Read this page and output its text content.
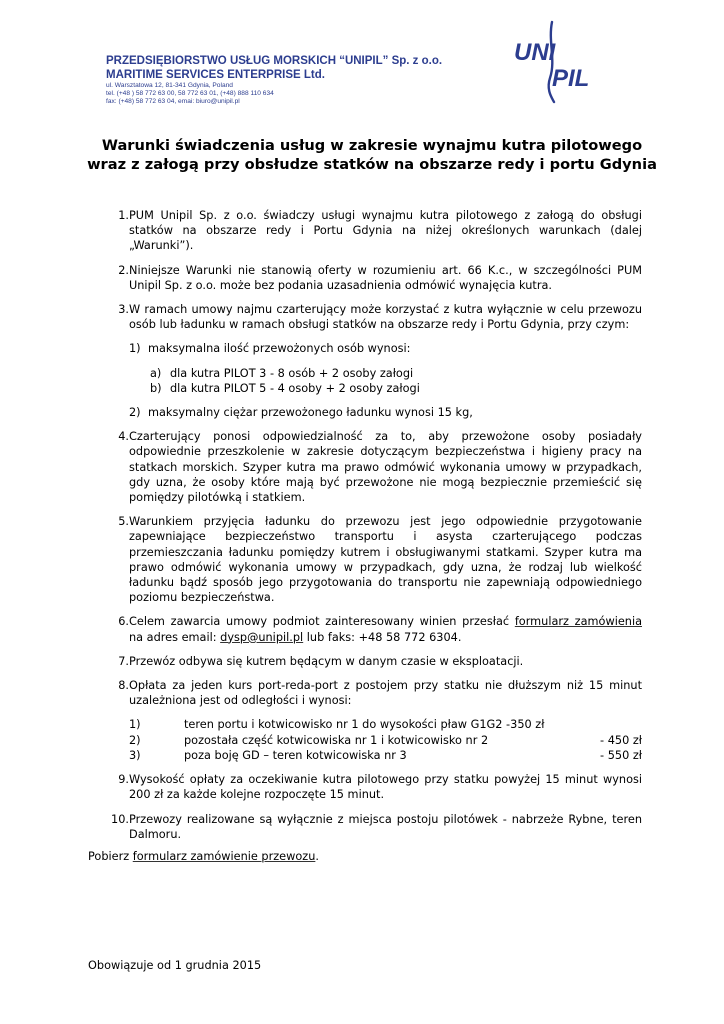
PRZEDSIĘBIORSTWO USŁUG MORSKICH “UNIPIL” Sp. z o.o.
MARITIME SERVICES ENTERPRISE Ltd.
ul. Warsztatowa 12, 81-341 Gdynia, Poland
tel. (+48 ) 58 772 63 00, 58 772 63 01, (+48) 888 110 634
fax: (+48) 58 772 63 04, emai: biuro@unipil.pl
UNI
PIL
Warunki świadczenia usług w zakresie wynajmu kutra pilotowego wraz z załogą przy obsłudze statków na obszarze redy i portu Gdynia
1. PUM Unipil Sp. z o.o. świadczy usługi wynajmu kutra pilotowego z załogą do obsługi statków na obszarze redy i Portu Gdynia na niżej określonych warunkach (dalej „Warunki”).
2. Niniejsze Warunki nie stanowią oferty w rozumieniu art. 66 K.c., w szczególności PUM Unipil Sp. z o.o. może bez podania uzasadnienia odmówić wynajęcia kutra.
3. W ramach umowy najmu czarterujący może korzystać z kutra wyłącznie w celu przewozu osób lub ładunku w ramach obsługi statków na obszarze redy i Portu Gdynia, przy czym:
1) maksymalna ilość przewożonych osób wynosi:
a) dla kutra PILOT 3 - 8 osób + 2 osoby załogi
b) dla kutra PILOT 5 - 4 osoby + 2 osoby załogi
2) maksymalny ciężar przewożonego ładunku wynosi 15 kg,
4. Czarterujący ponosi odpowiedzialność za to, aby przewożone osoby posiadały odpowiednie przeszkolenie w zakresie dotyczącym bezpieczeństwa i higieny pracy na statkach morskich. Szyper kutra ma prawo odmówić wykonania umowy w przypadkach, gdy uzna, że osoby które mają być przewożone nie mogą bezpiecznie przemieścić się pomiędzy pilotówką i statkiem.
5. Warunkiem przyjęcia ładunku do przewozu jest jego odpowiednie przygotowanie zapewniające bezpieczeństwo transportu i asysta czarterującego podczas przemieszczania ładunku pomiędzy kutrem i obsługiwanymi statkami. Szyper kutra ma prawo odmówić wykonania umowy w przypadkach, gdy uzna, że rodzaj lub wielkość ładunku bądź sposób jego przygotowania do transportu nie zapewniają odpowiedniego poziomu bezpieczeństwa.
6. Celem zawarcia umowy podmiot zainteresowany winien przesłać formularz zamówienia na adres email: dysp@unipil.pl lub faks: +48 58 772 6304.
7. Przewóz odbywa się kutrem będącym w danym czasie w eksploatacji.
8. Opłata za jeden kurs port-reda-port z postojem przy statku nie dłuższym niż 15 minut uzależniona jest od odległości i wynosi:
1)	teren portu i kotwicowisko nr 1 do wysokości pław G1G2 -350 zł
2)	pozostała część kotwicowiska nr 1 i kotwicowisko nr 2	- 450 zł
3)	poza boję GD – teren kotwicowiska nr 3	- 550 zł
9. Wysokość opłaty za oczekiwanie kutra pilotowego przy statku powyżej 15 minut wynosi 200 zł za każde kolejne rozpoczęte 15 minut.
10. Przewozy realizowane są wyłącznie z miejsca postoju pilotówek - nabrzeże Rybne, teren Dalmoru.
Pobierz formularz zamówienie przewozu.
Obowiązuje od 1 grudnia 2015
